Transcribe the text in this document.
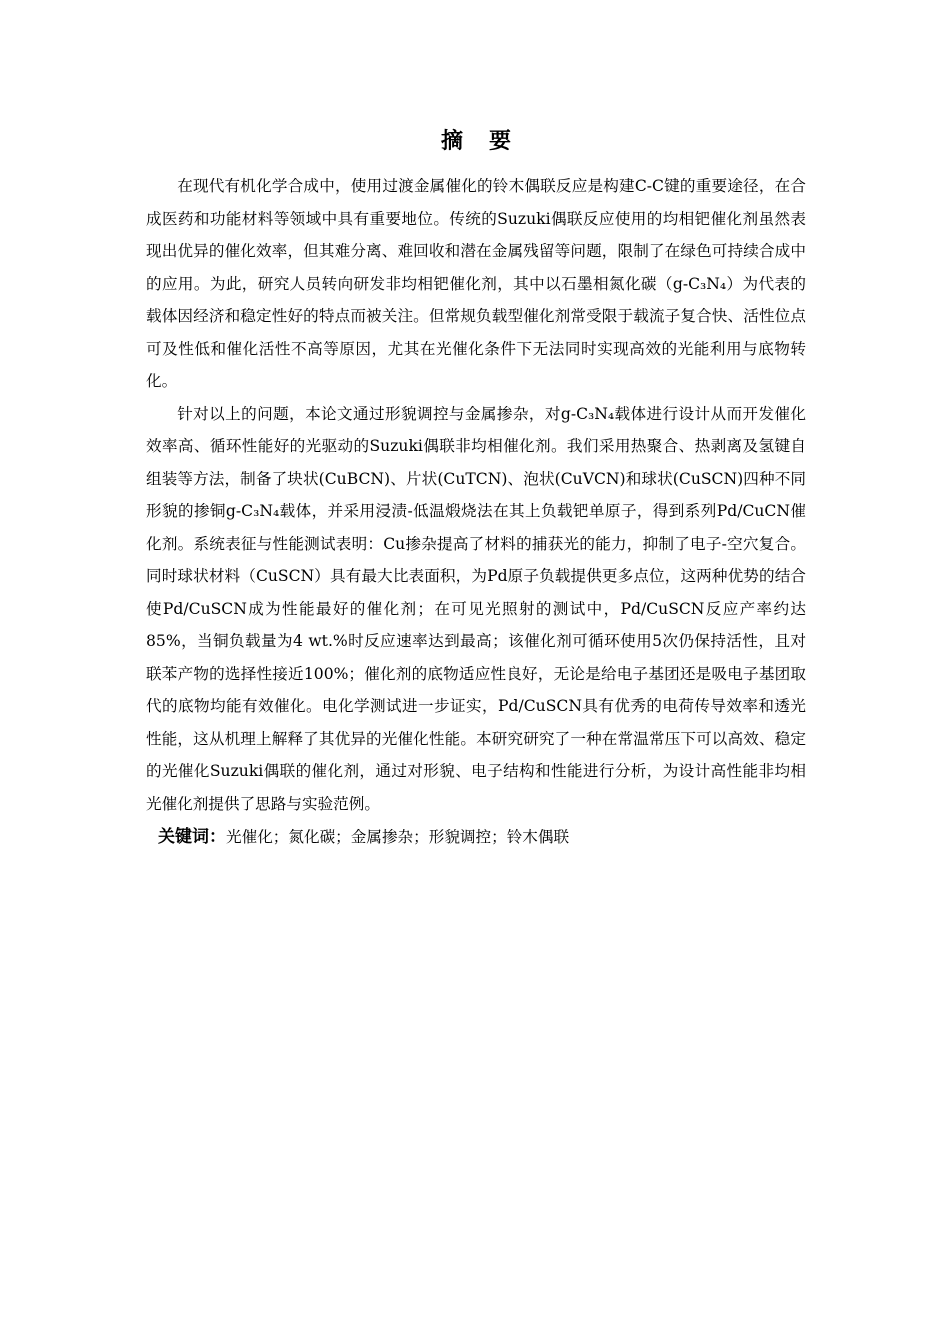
摘要

在现代有机化学合成中，使用过渡金属催化的铃木偶联反应是构建C-C键的重要途径，在合成医药和功能材料等领域中具有重要地位。传统的Suzuki偶联反应使用的均相钯催化剂虽然表现出优异的催化效率，但其难分离、难回收和潜在金属残留等问题，限制了在绿色可持续合成中的应用。为此，研究人员转向研发非均相钯催化剂，其中以石墨相氮化碳（g-C₃N₄）为代表的载体因经济和稳定性好的特点而被关注。但常规负载型催化剂常受限于载流子复合快、活性位点可及性低和催化活性不高等原因，尤其在光催化条件下无法同时实现高效的光能利用与底物转化。

针对以上的问题，本论文通过形貌调控与金属掺杂，对g-C₃N₄载体进行设计从而开发催化效率高、循环性能好的光驱动的Suzuki偶联非均相催化剂。我们采用热聚合、热剥离及氢键自组装等方法，制备了块状(CuBCN)、片状(CuTCN)、泡状(CuVCN)和球状(CuSCN)四种不同形貌的掺铜g-C₃N₄载体，并采用浸渍-低温煅烧法在其上负载钯单原子，得到系列Pd/CuCN催化剂。系统表征与性能测试表明：Cu掺杂提高了材料的捕获光的能力，抑制了电子-空穴复合。同时球状材料（CuSCN）具有最大比表面积，为Pd原子负载提供更多点位，这两种优势的结合使Pd/CuSCN成为性能最好的催化剂；在可见光照射的测试中，Pd/CuSCN反应产率约达85%，当铜负载量为4 wt.%时反应速率达到最高；该催化剂可循环使用5次仍保持活性，且对联苯产物的选择性接近100%；催化剂的底物适应性良好，无论是给电子基团还是吸电子基团取代的底物均能有效催化。电化学测试进一步证实，Pd/CuSCN具有优秀的电荷传导效率和透光性能，这从机理上解释了其优异的光催化性能。本研究研究了一种在常温常压下可以高效、稳定的光催化Suzuki偶联的催化剂，通过对形貌、电子结构和性能进行分析，为设计高性能非均相光催化剂提供了思路与实验范例。

关键词：光催化；氮化碳；金属掺杂；形貌调控；铃木偶联
